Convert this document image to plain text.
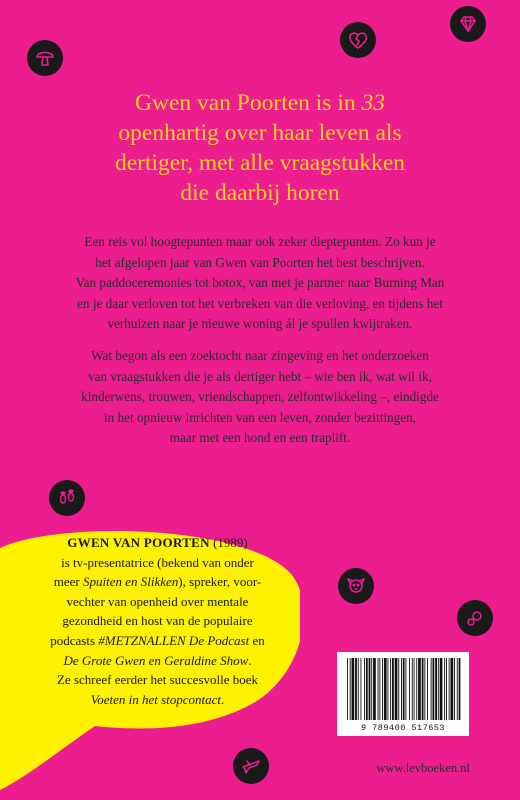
Gwen van Poorten is in 33
openhartig over haar leven als
dertiger, met alle vraagstukken
die daarbij horen
Een reis vol hoogtepunten maar ook zeker dieptepunten. Zo kun je
het afgelopen jaar van Gwen van Poorten het best beschrijven.
Van paddoceremonies tot botox, van met je partner naar Burning Man
en je daar verloven tot het verbreken van die verloving, en tijdens het
verhuizen naar je nieuwe woning ál je spullen kwijtraken.
Wat begon als een zoektocht naar zingeving en het onderzoeken
van vraagstukken die je als dertiger hebt – wie ben ik, wat wil ik,
kinderwens, trouwen, vriendschappen, zelfontwikkeling –, eindigde
in het opnieuw inrichten van een leven, zonder bezittingen,
maar met een hond en een traplift.
GWEN VAN POORTEN (1989)
is tv-presentatrice (bekend van onder
meer Spuiten en Slikken), spreker, voor-
vechter van openheid over mentale
gezondheid en host van de populaire
podcasts #METZNALLEN De Podcast en
De Grote Gwen en Geraldine Show.
Ze schreef eerder het succesvolle boek
Voeten in het stopcontact.
9 789400 517653
www.levboeken.nl
